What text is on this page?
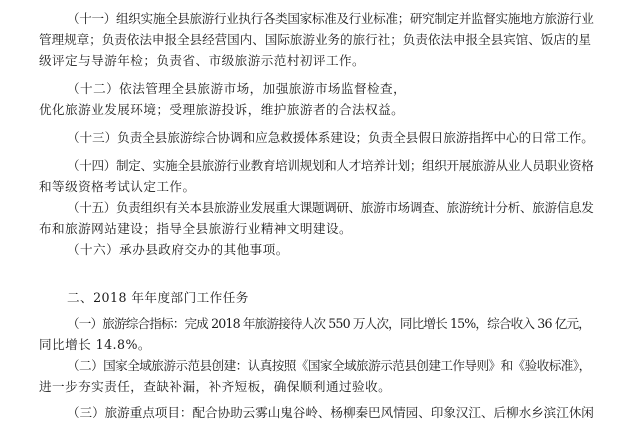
（十一）组织实施全县旅游行业执行各类国家标准及行业标准；研究制定并监督实施地方旅游行业
管理规章；负责依法申报全县经营国内、国际旅游业务的旅行社；负责依法申报全县宾馆、饭店的星
级评定与导游年检；负责省、市级旅游示范村初评工作。

（十二）依法管理全县旅游市场，加强旅游市场监督检查，
优化旅游业发展环境；受理旅游投诉，维护旅游者的合法权益。

（十三）负责全县旅游综合协调和应急救援体系建设；负责全县假日旅游指挥中心的日常工作。

（十四）制定、实施全县旅游行业教育培训规划和人才培养计划；组织开展旅游从业人员职业资格
和等级资格考试认定工作。

（十五）负责组织有关本县旅游业发展重大课题调研、旅游市场调查、旅游统计分析、旅游信息发
布和旅游网站建设；指导全县旅游行业精神文明建设。

（十六）承办县政府交办的其他事项。

二、2018 年年度部门工作任务

（一）旅游综合指标：完成 2018 年旅游接待人次 550 万人次，同比增长 15%，综合收入 36 亿元，
同比增长 14.8%。

（二）国家全域旅游示范县创建：认真按照《国家全域旅游示范县创建工作导则》和《验收标准》，
进一步夯实责任，查缺补漏，补齐短板，确保顺利通过验收。

（三）旅游重点项目：配合协助云雾山鬼谷岭、杨柳秦巴风情园、印象汉江、后柳水乡滨江休闲
